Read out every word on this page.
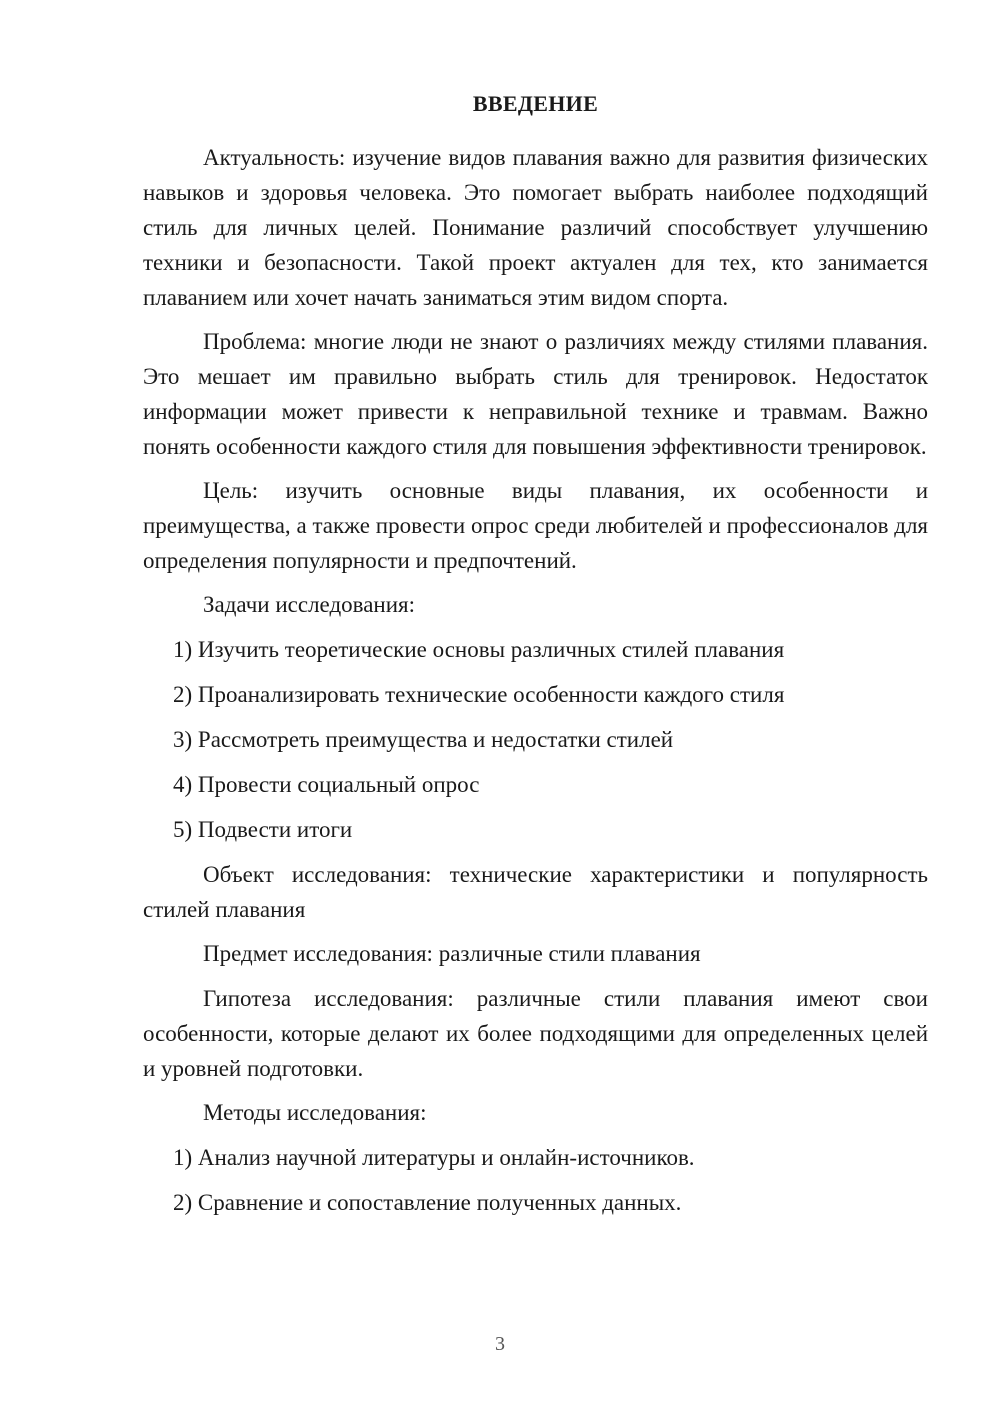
ВВЕДЕНИЕ

Актуальность: изучение видов плавания важно для развития физических навыков и здоровья человека. Это помогает выбрать наиболее подходящий стиль для личных целей. Понимание различий способствует улучшению техники и безопасности. Такой проект актуален для тех, кто занимается плаванием или хочет начать заниматься этим видом спорта.

Проблема: многие люди не знают о различиях между стилями плавания. Это мешает им правильно выбрать стиль для тренировок. Недостаток информации может привести к неправильной технике и травмам. Важно понять особенности каждого стиля для повышения эффективности тренировок.

Цель: изучить основные виды плавания, их особенности и преимущества, а также провести опрос среди любителей и профессионалов для определения популярности и предпочтений.

Задачи исследования:

1) Изучить теоретические основы различных стилей плавания
2) Проанализировать технические особенности каждого стиля
3) Рассмотреть преимущества и недостатки стилей
4) Провести социальный опрос
5) Подвести итоги

Объект исследования: технические характеристики и популярность стилей плавания

Предмет исследования: различные стили плавания

Гипотеза исследования: различные стили плавания имеют свои особенности, которые делают их более подходящими для определенных целей и уровней подготовки.

Методы исследования:

1) Анализ научной литературы и онлайн-источников.
2) Сравнение и сопоставление полученных данных.
3
